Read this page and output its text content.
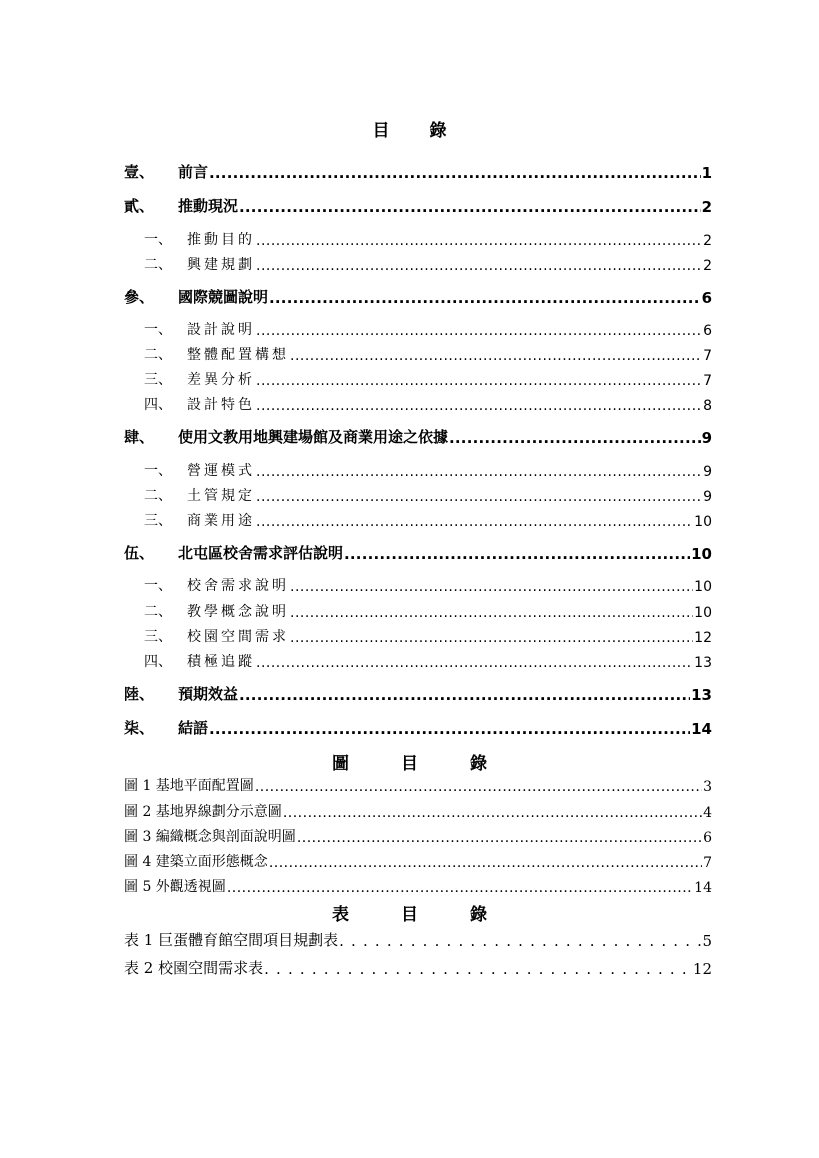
目 錄
壹、 前言 .....	1
貳、 推動現況 .....	2
一、 推動目的 .....	2
二、 興建規劃 .....	2
參、 國際競圖說明 .....	6
一、 設計說明 .....	6
二、 整體配置構想 .....	7
三、 差異分析 .....	7
四、 設計特色 .....	8
肆、 使用文教用地興建場館及商業用途之依據 .....	9
一、 營運模式 .....	9
二、 土管規定 .....	9
三、 商業用途 .....	10
伍、 北屯區校舍需求評估說明 .....	10
一、 校舍需求說明 .....	10
二、 教學概念說明 .....	10
三、 校園空間需求 .....	12
四、 積極追蹤 .....	13
陸、 預期效益 .....	13
柒、 結語 .....	14
圖	目	錄
圖 1 基地平面配置圖 .....	3
圖 2 基地界線劃分示意圖 .....	4
圖 3 編織概念與剖面說明圖 .....	6
圖 4 建築立面形態概念 .....	7
圖 5 外觀透視圖 .....	14
表	目	錄
表 1 巨蛋體育館空間項目規劃表 . . .	5
表 2 校園空間需求表 . . .	12
